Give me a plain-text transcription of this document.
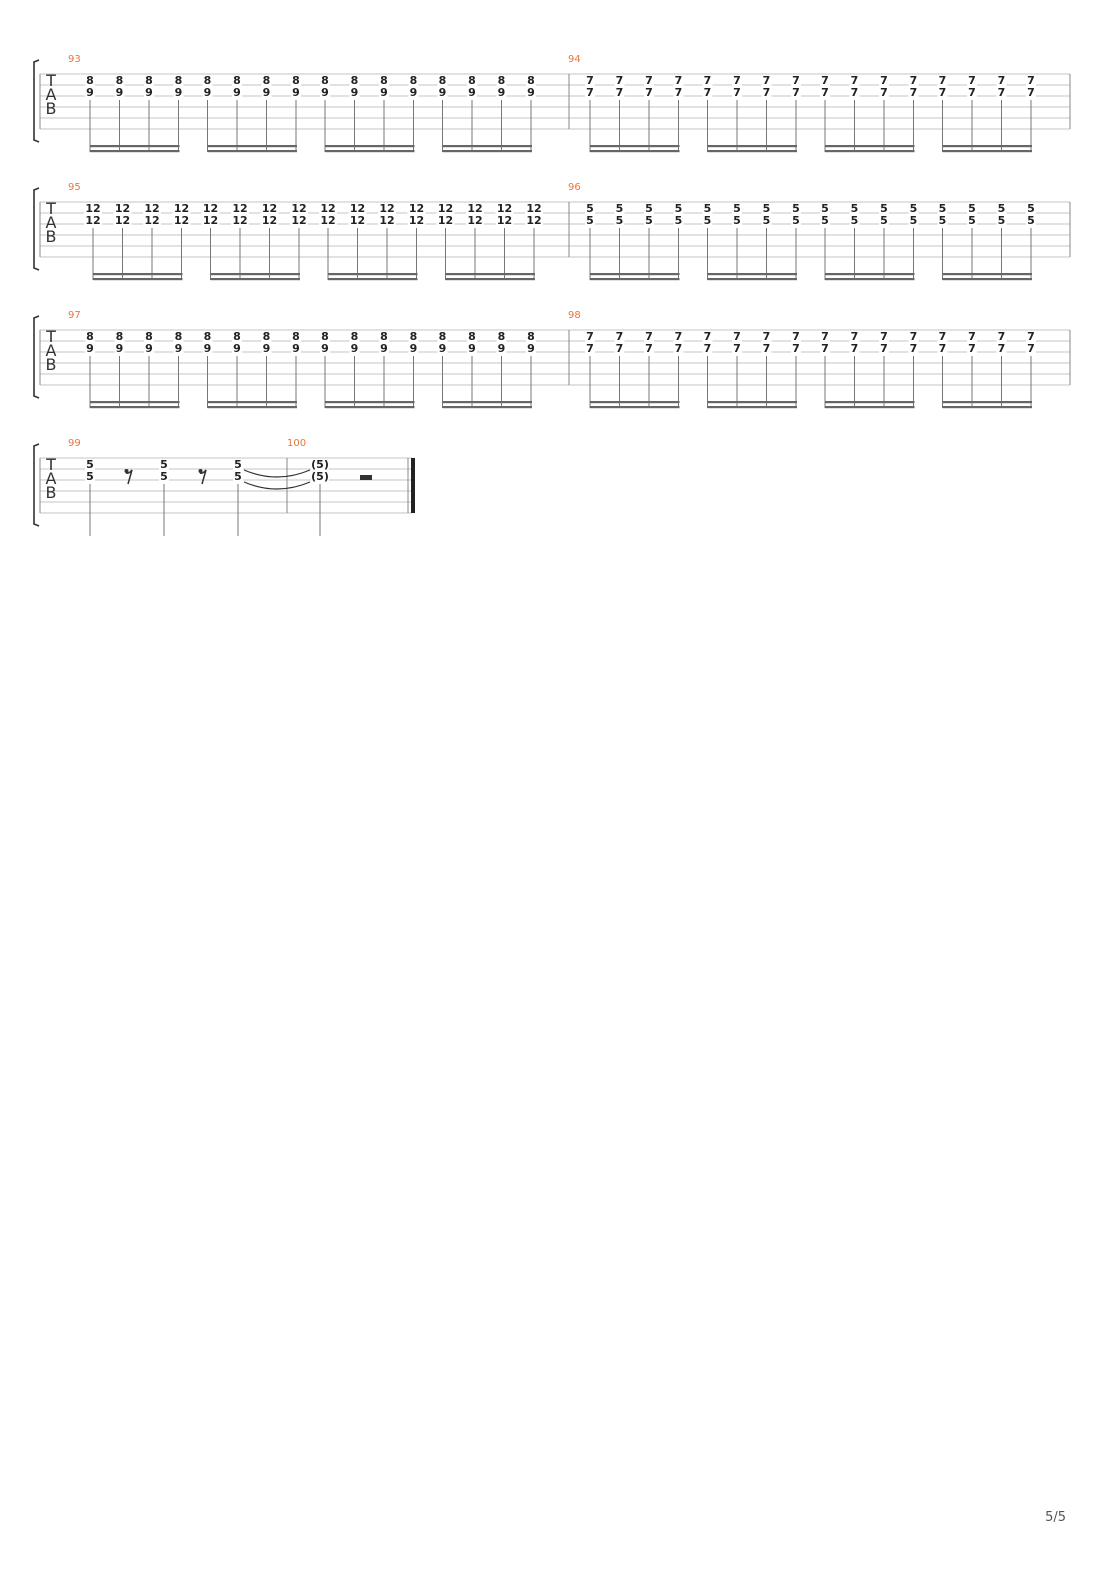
T
A
B
93
8
9
8
9
8
9
8
9
8
9
8
9
8
9
8
9
8
9
8
9
8
9
8
9
8
9
8
9
8
9
8
9
94
7
7
7
7
7
7
7
7
7
7
7
7
7
7
7
7
7
7
7
7
7
7
7
7
7
7
7
7
7
7
7
7
T
A
B
95
12
12
12
12
12
12
12
12
12
12
12
12
12
12
12
12
12
12
12
12
12
12
12
12
12
12
12
12
12
12
12
12
96
5
5
5
5
5
5
5
5
5
5
5
5
5
5
5
5
5
5
5
5
5
5
5
5
5
5
5
5
5
5
5
5
T
A
B
97
8
9
8
9
8
9
8
9
8
9
8
9
8
9
8
9
8
9
8
9
8
9
8
9
8
9
8
9
8
9
8
9
98
7
7
7
7
7
7
7
7
7
7
7
7
7
7
7
7
7
7
7
7
7
7
7
7
7
7
7
7
7
7
7
7
T
A
B
99	100
5
5
5
5
5
5
(5)
(5)
5/5
